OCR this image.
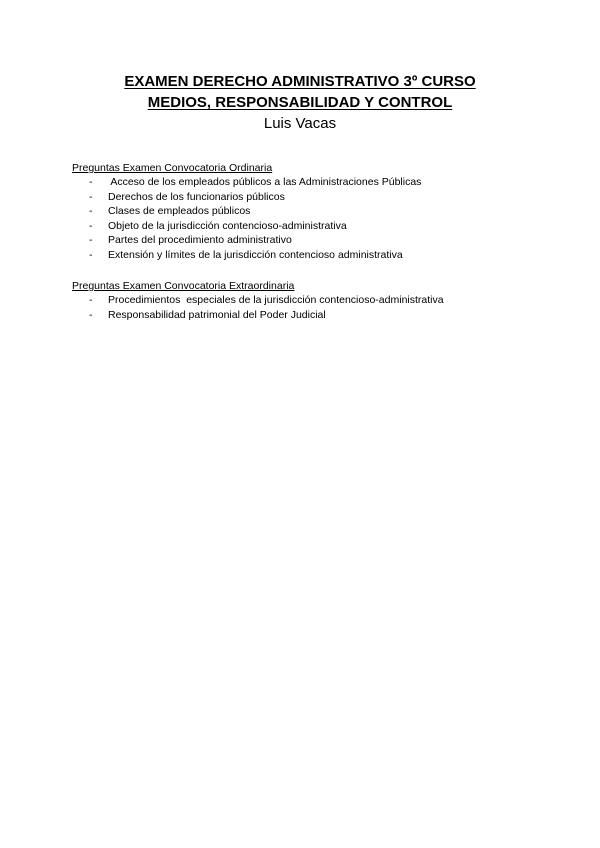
EXAMEN DERECHO ADMINISTRATIVO 3º CURSO

MEDIOS, RESPONSABILIDAD Y CONTROL

Luis Vacas

Preguntas Examen Convocatoria Ordinaria

- Acceso de los empleados públicos a las Administraciones Públicas
- Derechos de los funcionarios públicos
- Clases de empleados públicos
- Objeto de la jurisdicción contencioso-administrativa
- Partes del procedimiento administrativo
- Extensión y límites de la jurisdicción contencioso administrativa

Preguntas Examen Convocatoria Extraordinaria

- Procedimientos  especiales de la jurisdicción contencioso-administrativa
- Responsabilidad patrimonial del Poder Judicial
